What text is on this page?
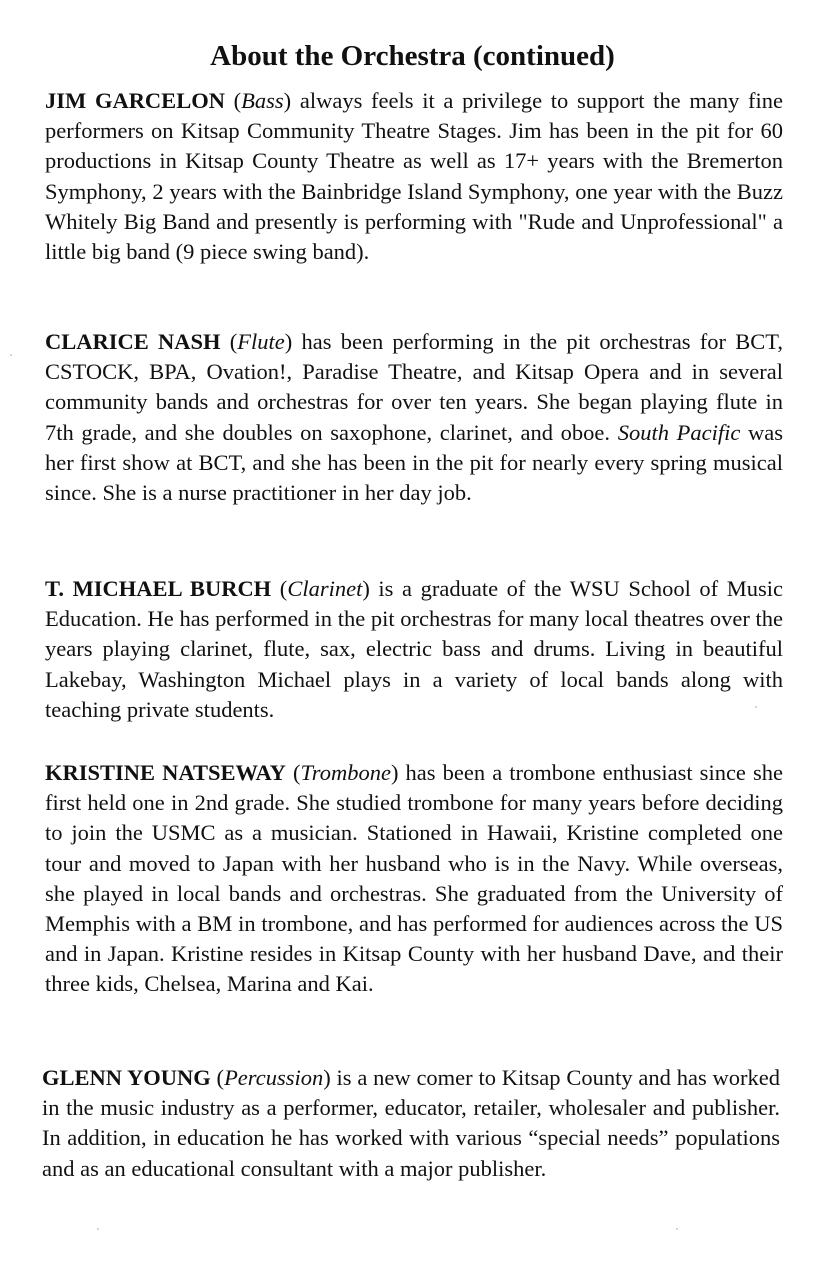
About the Orchestra (continued)

JIM GARCELON (Bass) always feels it a privilege to support the many fine performers on Kitsap Community Theatre Stages. Jim has been in the pit for 60 productions in Kitsap County Theatre as well as 17+ years with the Bremerton Symphony, 2 years with the Bainbridge Island Symphony, one year with the Buzz Whitely Big Band and presently is performing with "Rude and Unprofessional" a little big band (9 piece swing band).

CLARICE NASH (Flute) has been performing in the pit orchestras for BCT, CSTOCK, BPA, Ovation!, Paradise Theatre, and Kitsap Opera and in several community bands and orchestras for over ten years. She began playing flute in 7th grade, and she doubles on saxophone, clarinet, and oboe. South Pacific was her first show at BCT, and she has been in the pit for nearly every spring musical since. She is a nurse practitioner in her day job.

T. MICHAEL BURCH (Clarinet) is a graduate of the WSU School of Music Education. He has performed in the pit orchestras for many local theatres over the years playing clarinet, flute, sax, electric bass and drums. Living in beautiful Lakebay, Washington Michael plays in a variety of local bands along with teaching private students.

KRISTINE NATSEWAY (Trombone) has been a trombone enthusiast since she first held one in 2nd grade. She studied trombone for many years before deciding to join the USMC as a musician. Stationed in Hawaii, Kristine completed one tour and moved to Japan with her husband who is in the Navy. While overseas, she played in local bands and orchestras. She graduated from the University of Memphis with a BM in trombone, and has performed for audiences across the US and in Japan. Kristine resides in Kitsap County with her husband Dave, and their three kids, Chelsea, Marina and Kai.

GLENN YOUNG (Percussion) is a new comer to Kitsap County and has worked in the music industry as a performer, educator, retailer, wholesaler and publisher. In addition, in education he has worked with various “special needs” populations and as an educational consultant with a major publisher.
